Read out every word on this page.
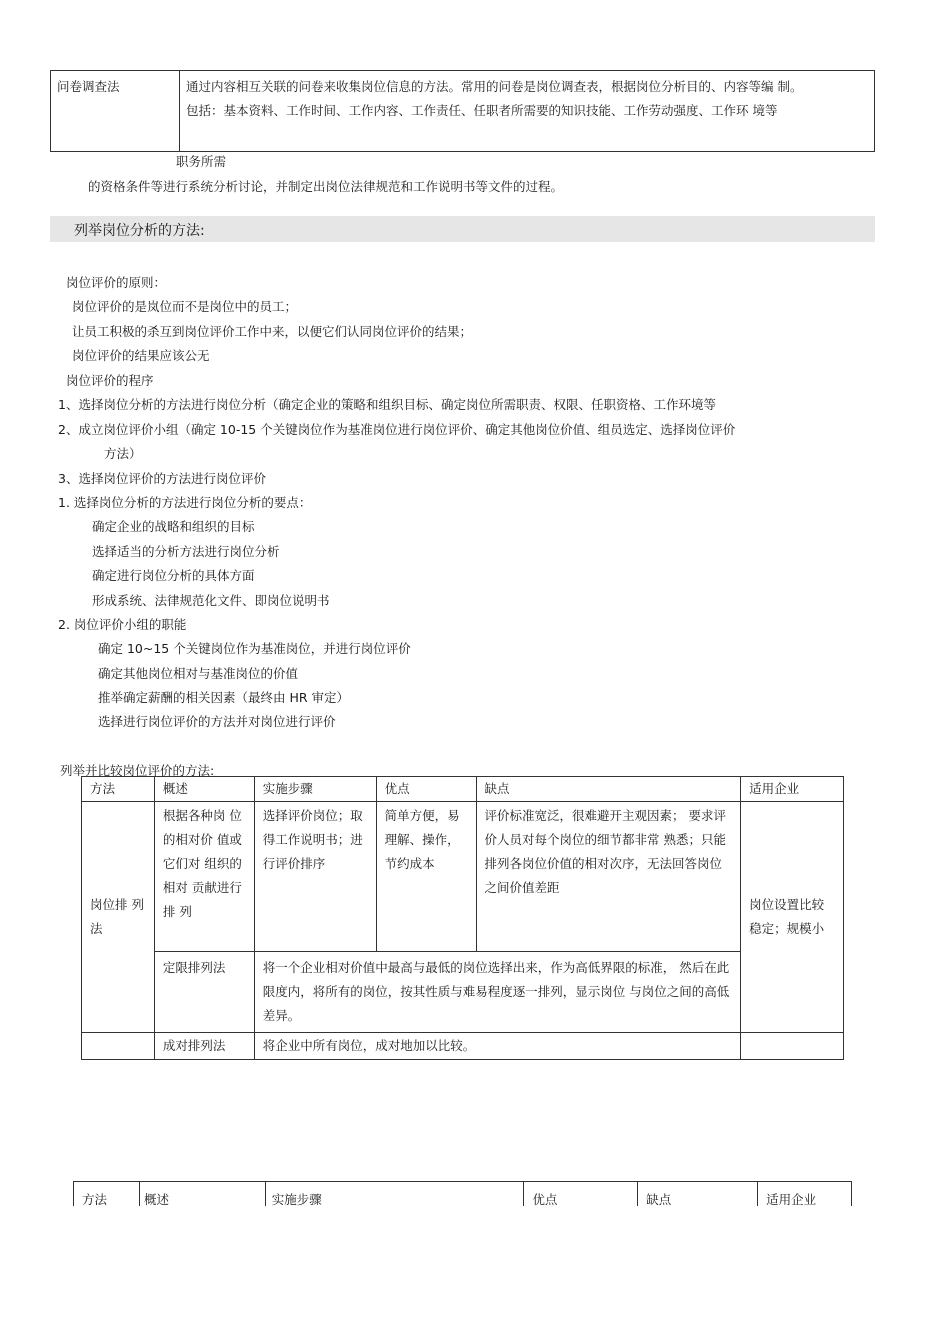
问卷调查法	通过内容相互关联的问卷来收集岗位信息的方法。常用的问卷是岗位调查表，根据岗位分析目的、内容等编 制。
包括：基本资料、工作时间、工作内容、工作责任、任职者所需要的知识技能、工作劳动强度、工作环 境等
职务所需
的资格条件等进行系统分析讨论，并制定出岗位法律规范和工作说明书等文件的过程。
列举岗位分析的方法:
岗位评价的原则：
岗位评价的是岚位而不是岗位中的员工；
让员工积极的杀互到岗位评价工作中来，以便它们认同岗位评价的结果；
岗位评价的结果应该公无
岗位评价的程序
1、选择岗位分析的方法进行岗位分析（确定企业的策略和组织目标、确定岗位所需职责、权限、任职资格、工作环境等
2、成立岗位评价小组（确定 10-15 个关键岗位作为基准岗位进行岗位评价、确定其他岗位价值、组员选定、选择岗位评价
方法）
3、选择岗位评价的方法进行岗位评价
1. 选择岗位分析的方法进行岗位分析的要点：
确定企业的战略和组织的目标
选择适当的分析方法进行岗位分析
确定进行岗位分析的具体方面
形成系统、法律规范化文件、即岗位说明书
2. 岗位评价小组的职能
确定 10~15 个关键岗位作为基准岗位，并进行岗位评价
确定其他岗位相对与基准岗位的价值
推举确定薪酬的相关因素（最终由 HR 审定）
选择进行岗位评价的方法并对岗位进行评价
列举并比较岗位评价的方法:
方法	概述	实施步骤	优点	缺点	适用企业

岗位排 列法	根据各种岗 位的相对价 值或它们对 组织的相对 贡献进行排 列	选择评价岗位；取得工作说明书；进行评价排序	简单方便，易理解、操作，节约成本	评价标准宽泛，很难避开主观因素； 要求评价人员对每个岗位的细节都非常 熟悉；只能排列各岗位价值的相对次序，无法回答岗位之间价值差距	岗位设置比较稳定；规模小

	定限排列法	将一个企业相对价值中最高与最低的岗位选择出来，作为高低界限的标准， 然后在此限度内，将所有的岗位，按其性质与难易程度逐一排列，显示岗位 与岗位之间的高低差异。			

	成对排列法	将企业中所有岗位，成对地加以比较。			

方法	概述	实施步骤	优点	缺点	适用企业
